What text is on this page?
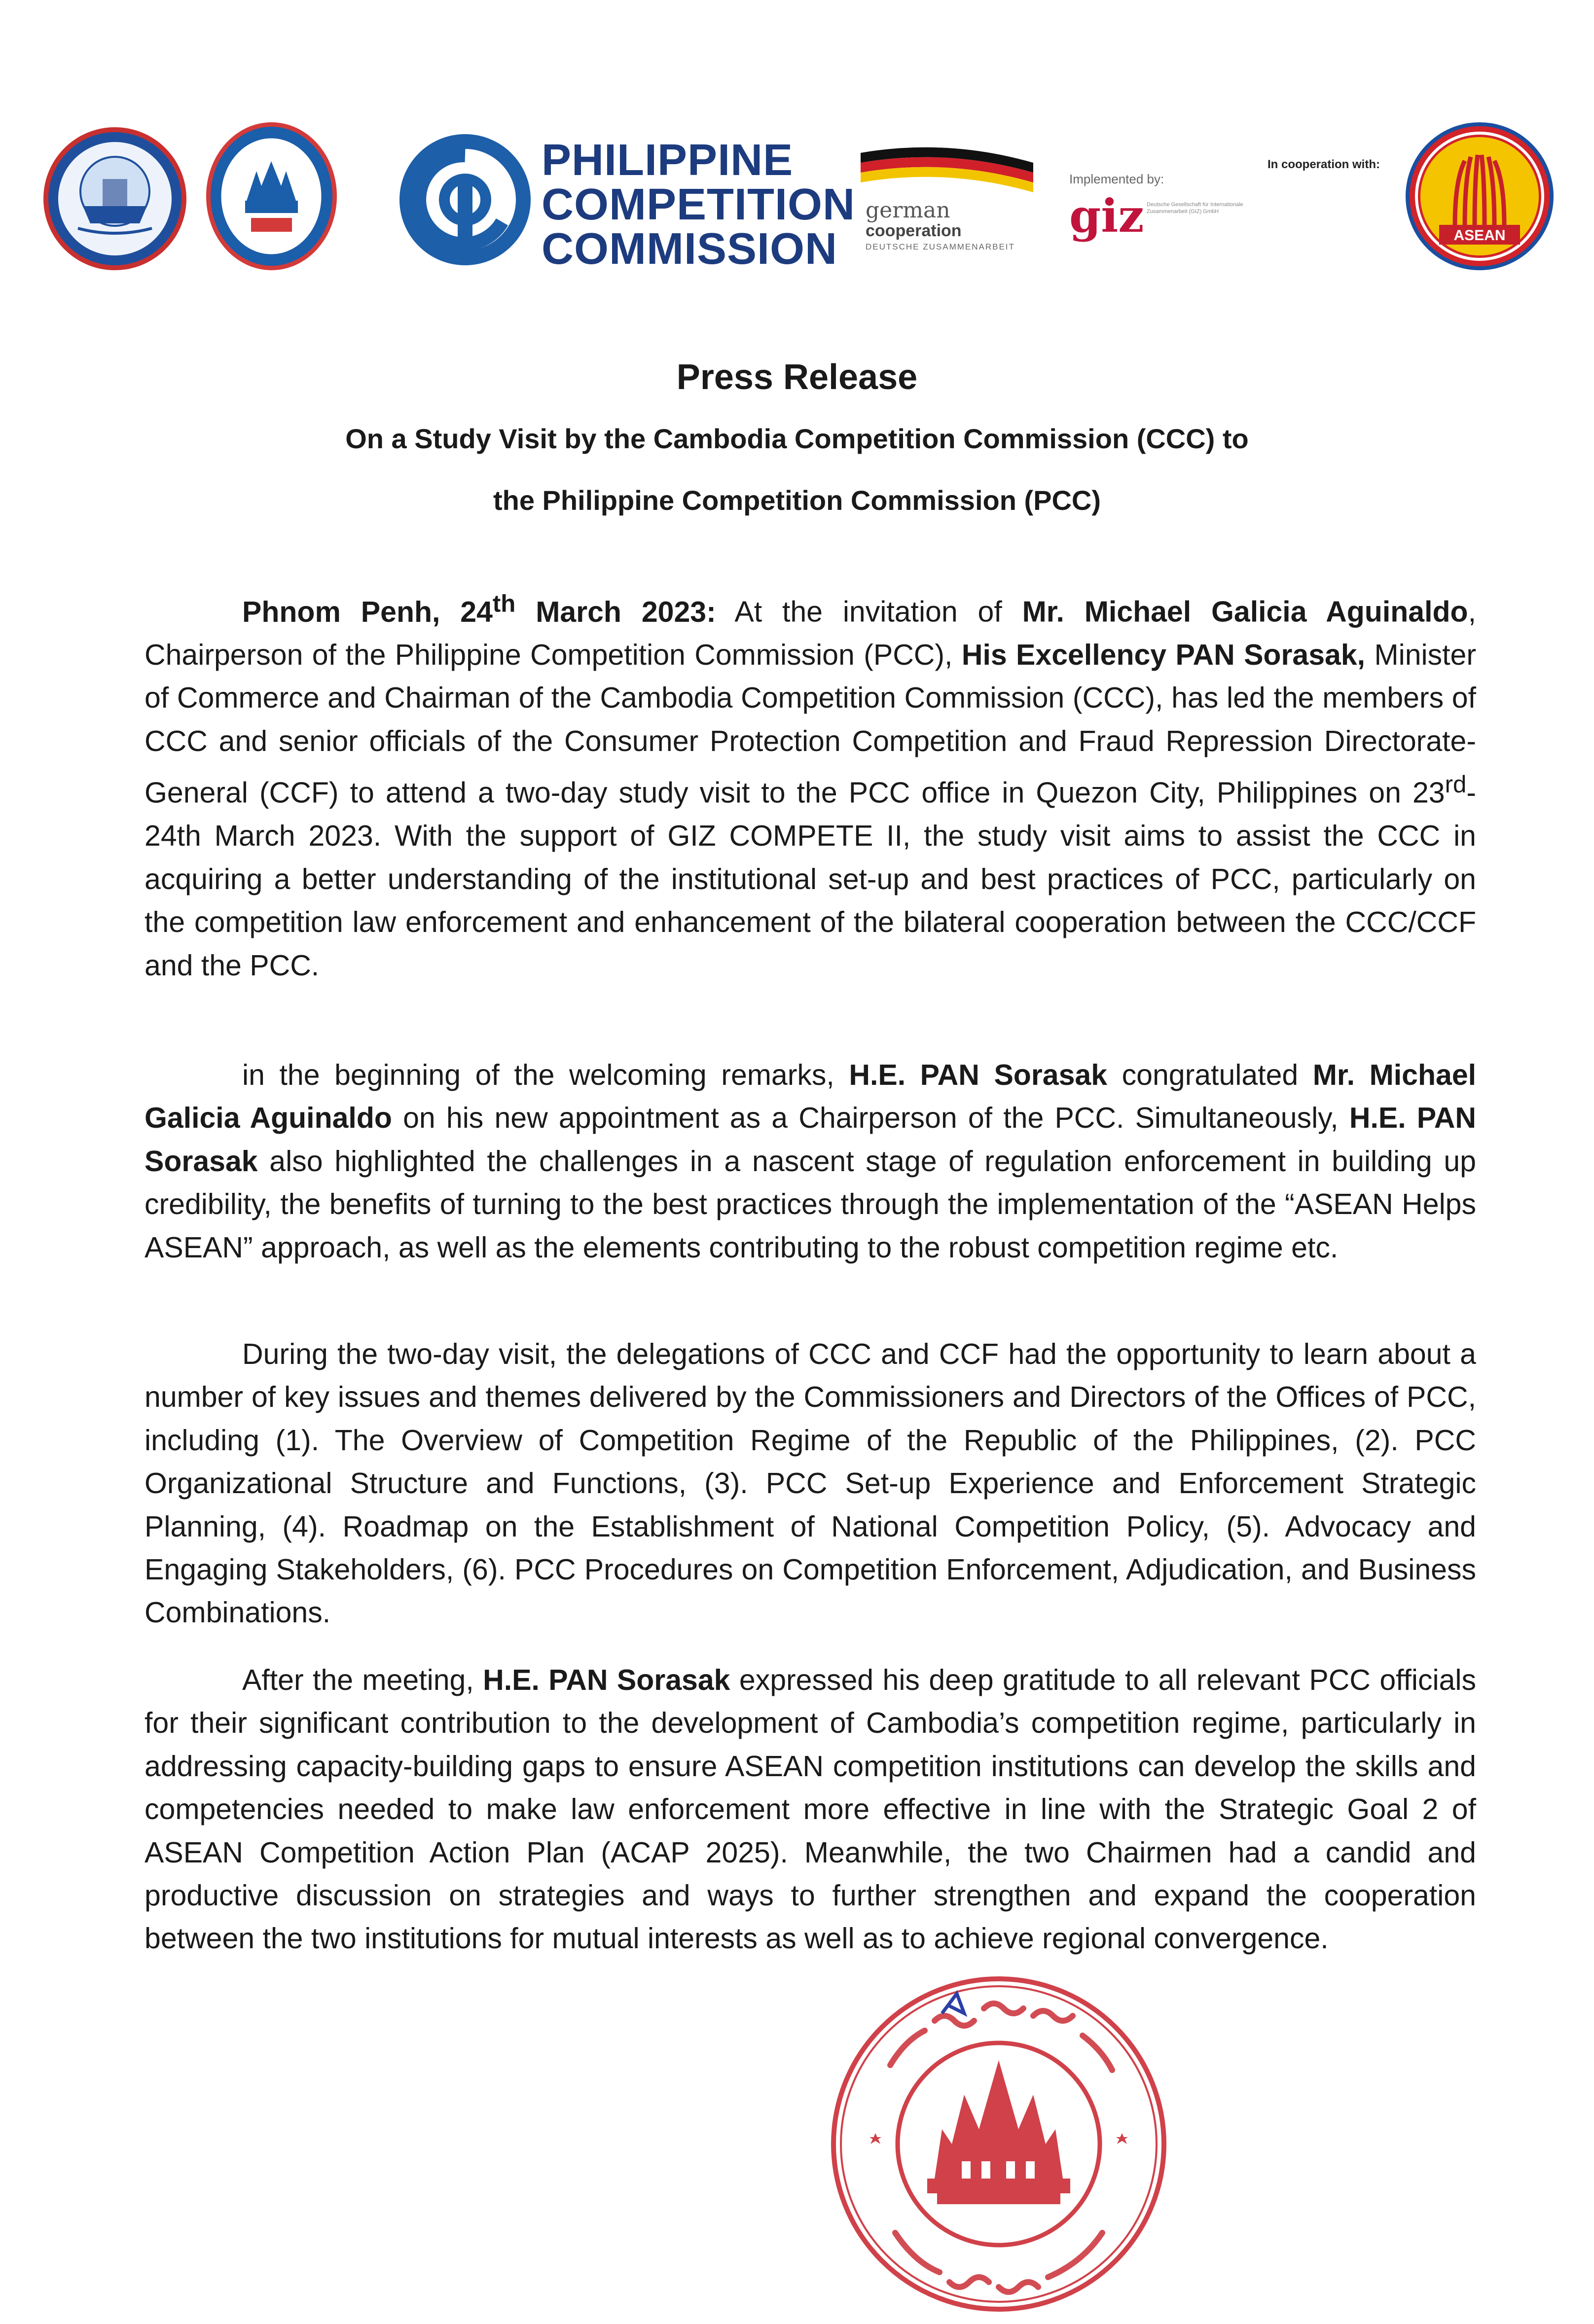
PHILIPPINE
COMPETITION
COMMISSION
german
cooperation
DEUTSCHE ZUSAMMENARBEIT
Implemented by:
giz Deutsche Gesellschaft für Internationale Zusammenarbeit (GIZ) GmbH
In cooperation with:
ASEAN
Press Release
On a Study Visit by the Cambodia Competition Commission (CCC) to
the Philippine Competition Commission (PCC)

Phnom Penh, 24th March 2023: At the invitation of Mr. Michael Galicia Aguinaldo, Chairperson of the Philippine Competition Commission (PCC), His Excellency PAN Sorasak, Minister of Commerce and Chairman of the Cambodia Competition Commission (CCC), has led the members of CCC and senior officials of the Consumer Protection Competition and Fraud Repression Directorate-General (CCF) to attend a two-day study visit to the PCC office in Quezon City, Philippines on 23rd-24th March 2023. With the support of GIZ COMPETE II, the study visit aims to assist the CCC in acquiring a better understanding of the institutional set-up and best practices of PCC, particularly on the competition law enforcement and enhancement of the bilateral cooperation between the CCC/CCF and the PCC.

in the beginning of the welcoming remarks, H.E. PAN Sorasak congratulated Mr. Michael Galicia Aguinaldo on his new appointment as a Chairperson of the PCC. Simultaneously, H.E. PAN Sorasak also highlighted the challenges in a nascent stage of regulation enforcement in building up credibility, the benefits of turning to the best practices through the implementation of the “ASEAN Helps ASEAN” approach, as well as the elements contributing to the robust competition regime etc.

During the two-day visit, the delegations of CCC and CCF had the opportunity to learn about a number of key issues and themes delivered by the Commissioners and Directors of the Offices of PCC, including (1). The Overview of Competition Regime of the Republic of the Philippines, (2). PCC Organizational Structure and Functions, (3). PCC Set-up Experience and Enforcement Strategic Planning, (4). Roadmap on the Establishment of National Competition Policy, (5). Advocacy and Engaging Stakeholders, (6). PCC Procedures on Competition Enforcement, Adjudication, and Business Combinations.

After the meeting, H.E. PAN Sorasak expressed his deep gratitude to all relevant PCC officials for their significant contribution to the development of Cambodia’s competition regime, particularly in addressing capacity-building gaps to ensure ASEAN competition institutions can develop the skills and competencies needed to make law enforcement more effective in line with the Strategic Goal 2 of ASEAN Competition Action Plan (ACAP 2025). Meanwhile, the two Chairmen had a candid and productive discussion on strategies and ways to further strengthen and expand the cooperation between the two institutions for mutual interests as well as to achieve regional convergence.
